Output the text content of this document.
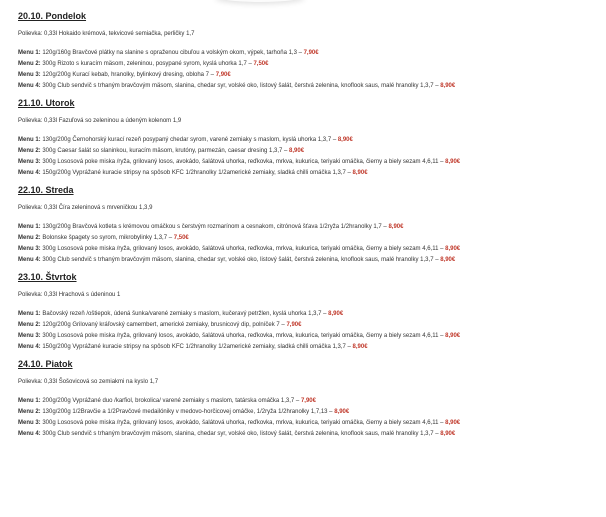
20.10. Pondelok

Polievka: 0,33l Hokaido krémová, tekvicové semiačka, perličky 1,7

Menu 1: 120g/160g Bravčové plátky na slanine s opraženou cibuľou a volským okom, výpek, tarhoňa 1,3 – 7,90€

Menu 2: 300g Rizoto s kuracím mäsom, zeleninou, posypané syrom, kyslá uhorka 1,7 – 7,50€

Menu 3: 120g/200g Kurací kebab, hranolky, bylinkový dresing, obloha 7 – 7,90€

Menu 4: 300g Club sendvič s trhaným bravčovým mäsom, slanina, chedar syr, volské oko, listový šalát, čerstvá zelenina, knoflook saus, malé hranolky 1,3,7 – 8,90€

21.10. Utorok

Polievka: 0,33l Fazuľová so zeleninou a údeným kolenom 1,9

Menu 1: 130g/200g Černohorský kurací rezeň posypaný chedar syrom, varené zemiaky s maslom, kyslá uhorka 1,3,7 – 8,90€

Menu 2: 300g Caesar šalát so slaninkou, kuracím mäsom, krutóny, parmezán, caesar dresing 1,3,7 – 8,90€

Menu 3: 300g Lososová poke miska /ryža, grilovaný losos, avokádo, šalátová uhorka, reďkovka, mrkva, kukurica, teriyaki omáčka, čierny a biely sezam 4,6,11 – 8,90€

Menu 4: 150g/200g Vyprážané kuracie stripsy na spôsob KFC 1/2hranolky 1/2americké zemiaky, sladká chilli omáčka 1,3,7 – 8,90€

22.10. Streda

Polievka: 0,33l Číra zeleninová s mrveničkou 1,3,9

Menu 1: 130g/200g Bravčová kotleta s krémovou omáčkou s čerstvým rozmarínom a cesnakom, citrónová šťava 1/2ryža 1/2hranolky 1,7 – 8,90€

Menu 2: Bolonske špagety so syrom, mikrobylinky 1,3,7 – 7,50€

Menu 3: 300g Lososová poke miska /ryža, grilovaný losos, avokádo, šalátová uhorka, reďkovka, mrkva, kukurica, teriyaki omáčka, čierny a biely sezam 4,6,11 – 8,90€

Menu 4: 300g Club sendvič s trhaným bravčovým mäsom, slanina, chedar syr, volské oko, listový šalát, čerstvá zelenina, knoflook saus, malé hranolky 1,3,7 – 8,90€

23.10. Štvrtok

Polievka: 0,33l Hrachová s údeninou 1

Menu 1: Bačovský rezeň /oštiepok, údená šunka/varené zemiaky s maslom, kučeravý petržlen, kyslá uhorka 1,3,7 – 8,90€

Menu 2: 120g/200g Grilovaný kráľovský camembert, americké zemiaky, brusnicový dip, polníček 7 – 7,90€

Menu 3: 300g Lososová poke miska /ryža, grilovaný losos, avokádo, šalátová uhorka, reďkovka, mrkva, kukurica, teriyaki omáčka, čierny a biely sezam 4,6,11 – 8,90€

Menu 4: 150g/200g Vyprážané kuracie stripsy na spôsob KFC 1/2hranolky 1/2americké zemiaky, sladká chilli omáčka 1,3,7 – 8,90€

24.10. Piatok

Polievka: 0,33l Šošovicová so zemiakmi na kyslo 1,7

Menu 1: 200g/200g Vyprážané duo /karfiol, brokolica/ varené zemiaky s maslom, tatárska omáčka 1,3,7 – 7,90€

Menu 2: 130g/200g 1/2Bravčie a 1/2Pravčové medailóniky v medovo-horčicovej omáčke, 1/2ryža 1/2hranolky 1,7,13 – 8,90€

Menu 3: 300g Lososová poke miska /ryža, grilovaný losos, avokádo, šalátová uhorka, reďkovka, mrkva, kukurica, teriyaki omáčka, čierny a biely sezam 4,6,11 – 8,90€

Menu 4: 300g Club sendvič s trhaným bravčovým mäsom, slanina, chedar syr, volské oko, listový šalát, čerstvá zelenina, knoflook saus, malé hranolky 1,3,7 – 8,90€
